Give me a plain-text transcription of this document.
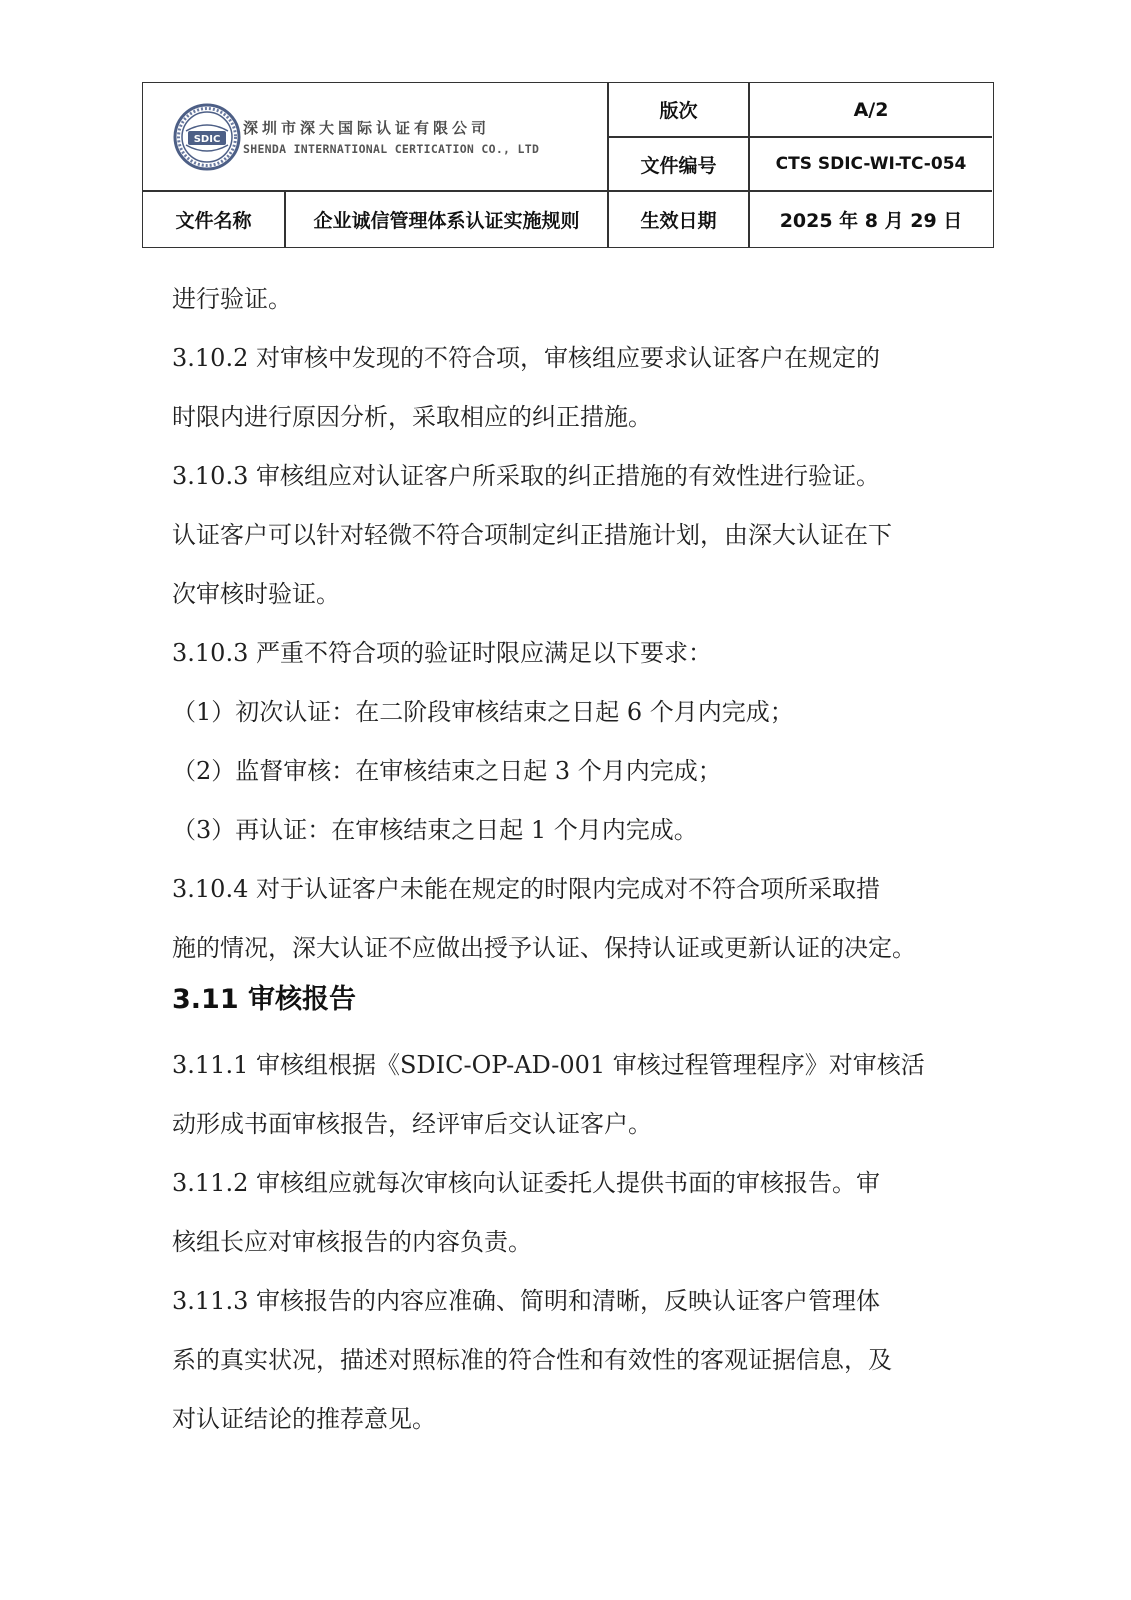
SDIC
深圳市深大国际认证有限公司
SHENDA INTERNATIONAL CERTICATION CO., LTD
版次	A/2
文件编号	CTS SDIC-WI-TC-054
文件名称	企业诚信管理体系认证实施规则	生效日期	2025 年 8 月 29 日
进行验证。
3.10.2 对审核中发现的不符合项，审核组应要求认证客户在规定的
时限内进行原因分析，采取相应的纠正措施。
3.10.3 审核组应对认证客户所采取的纠正措施的有效性进行验证。
认证客户可以针对轻微不符合项制定纠正措施计划，由深大认证在下
次审核时验证。
3.10.3 严重不符合项的验证时限应满足以下要求：
（1）初次认证：在二阶段审核结束之日起 6 个月内完成；
（2）监督审核：在审核结束之日起 3 个月内完成；
（3）再认证：在审核结束之日起 1 个月内完成。
3.10.4 对于认证客户未能在规定的时限内完成对不符合项所采取措
施的情况，深大认证不应做出授予认证、保持认证或更新认证的决定。
3.11 审核报告
3.11.1 审核组根据《SDIC-OP-AD-001 审核过程管理程序》对审核活
动形成书面审核报告，经评审后交认证客户。
3.11.2 审核组应就每次审核向认证委托人提供书面的审核报告。审
核组长应对审核报告的内容负责。
3.11.3 审核报告的内容应准确、简明和清晰，反映认证客户管理体
系的真实状况，描述对照标准的符合性和有效性的客观证据信息，及
对认证结论的推荐意见。
